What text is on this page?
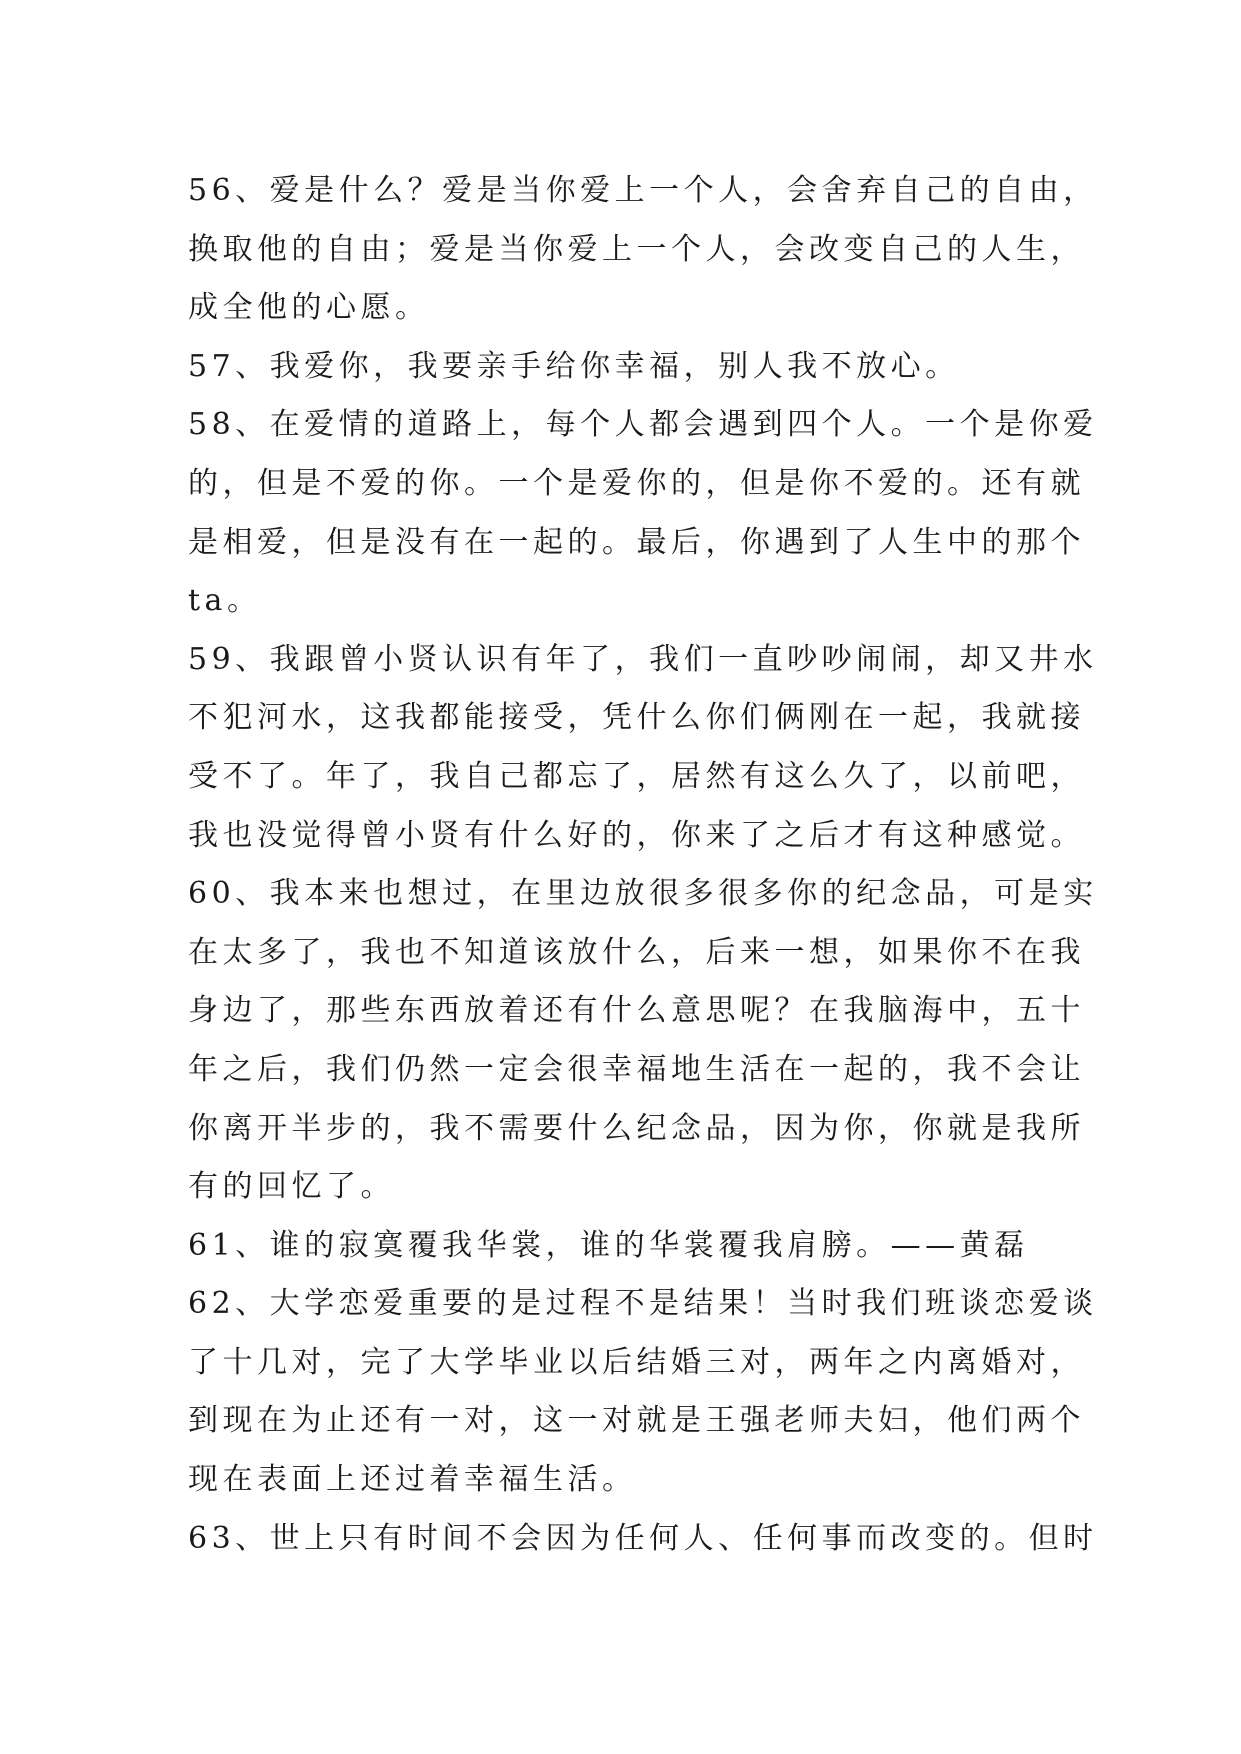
56、爱是什么？爱是当你爱上一个人，会舍弃自己的自由，
换取他的自由；爱是当你爱上一个人，会改变自己的人生，
成全他的心愿。
57、我爱你，我要亲手给你幸福，别人我不放心。
58、在爱情的道路上，每个人都会遇到四个人。一个是你爱
的，但是不爱的你。一个是爱你的，但是你不爱的。还有就
是相爱，但是没有在一起的。最后，你遇到了人生中的那个
ta。
59、我跟曾小贤认识有年了，我们一直吵吵闹闹，却又井水
不犯河水，这我都能接受，凭什么你们俩刚在一起，我就接
受不了。年了，我自己都忘了，居然有这么久了，以前吧，
我也没觉得曾小贤有什么好的，你来了之后才有这种感觉。
60、我本来也想过，在里边放很多很多你的纪念品，可是实
在太多了，我也不知道该放什么，后来一想，如果你不在我
身边了，那些东西放着还有什么意思呢？在我脑海中，五十
年之后，我们仍然一定会很幸福地生活在一起的，我不会让
你离开半步的，我不需要什么纪念品，因为你，你就是我所
有的回忆了。
61、谁的寂寞覆我华裳，谁的华裳覆我肩膀。——黄磊
62、大学恋爱重要的是过程不是结果！当时我们班谈恋爱谈
了十几对，完了大学毕业以后结婚三对，两年之内离婚对，
到现在为止还有一对，这一对就是王强老师夫妇，他们两个
现在表面上还过着幸福生活。
63、世上只有时间不会因为任何人、任何事而改变的。但时
